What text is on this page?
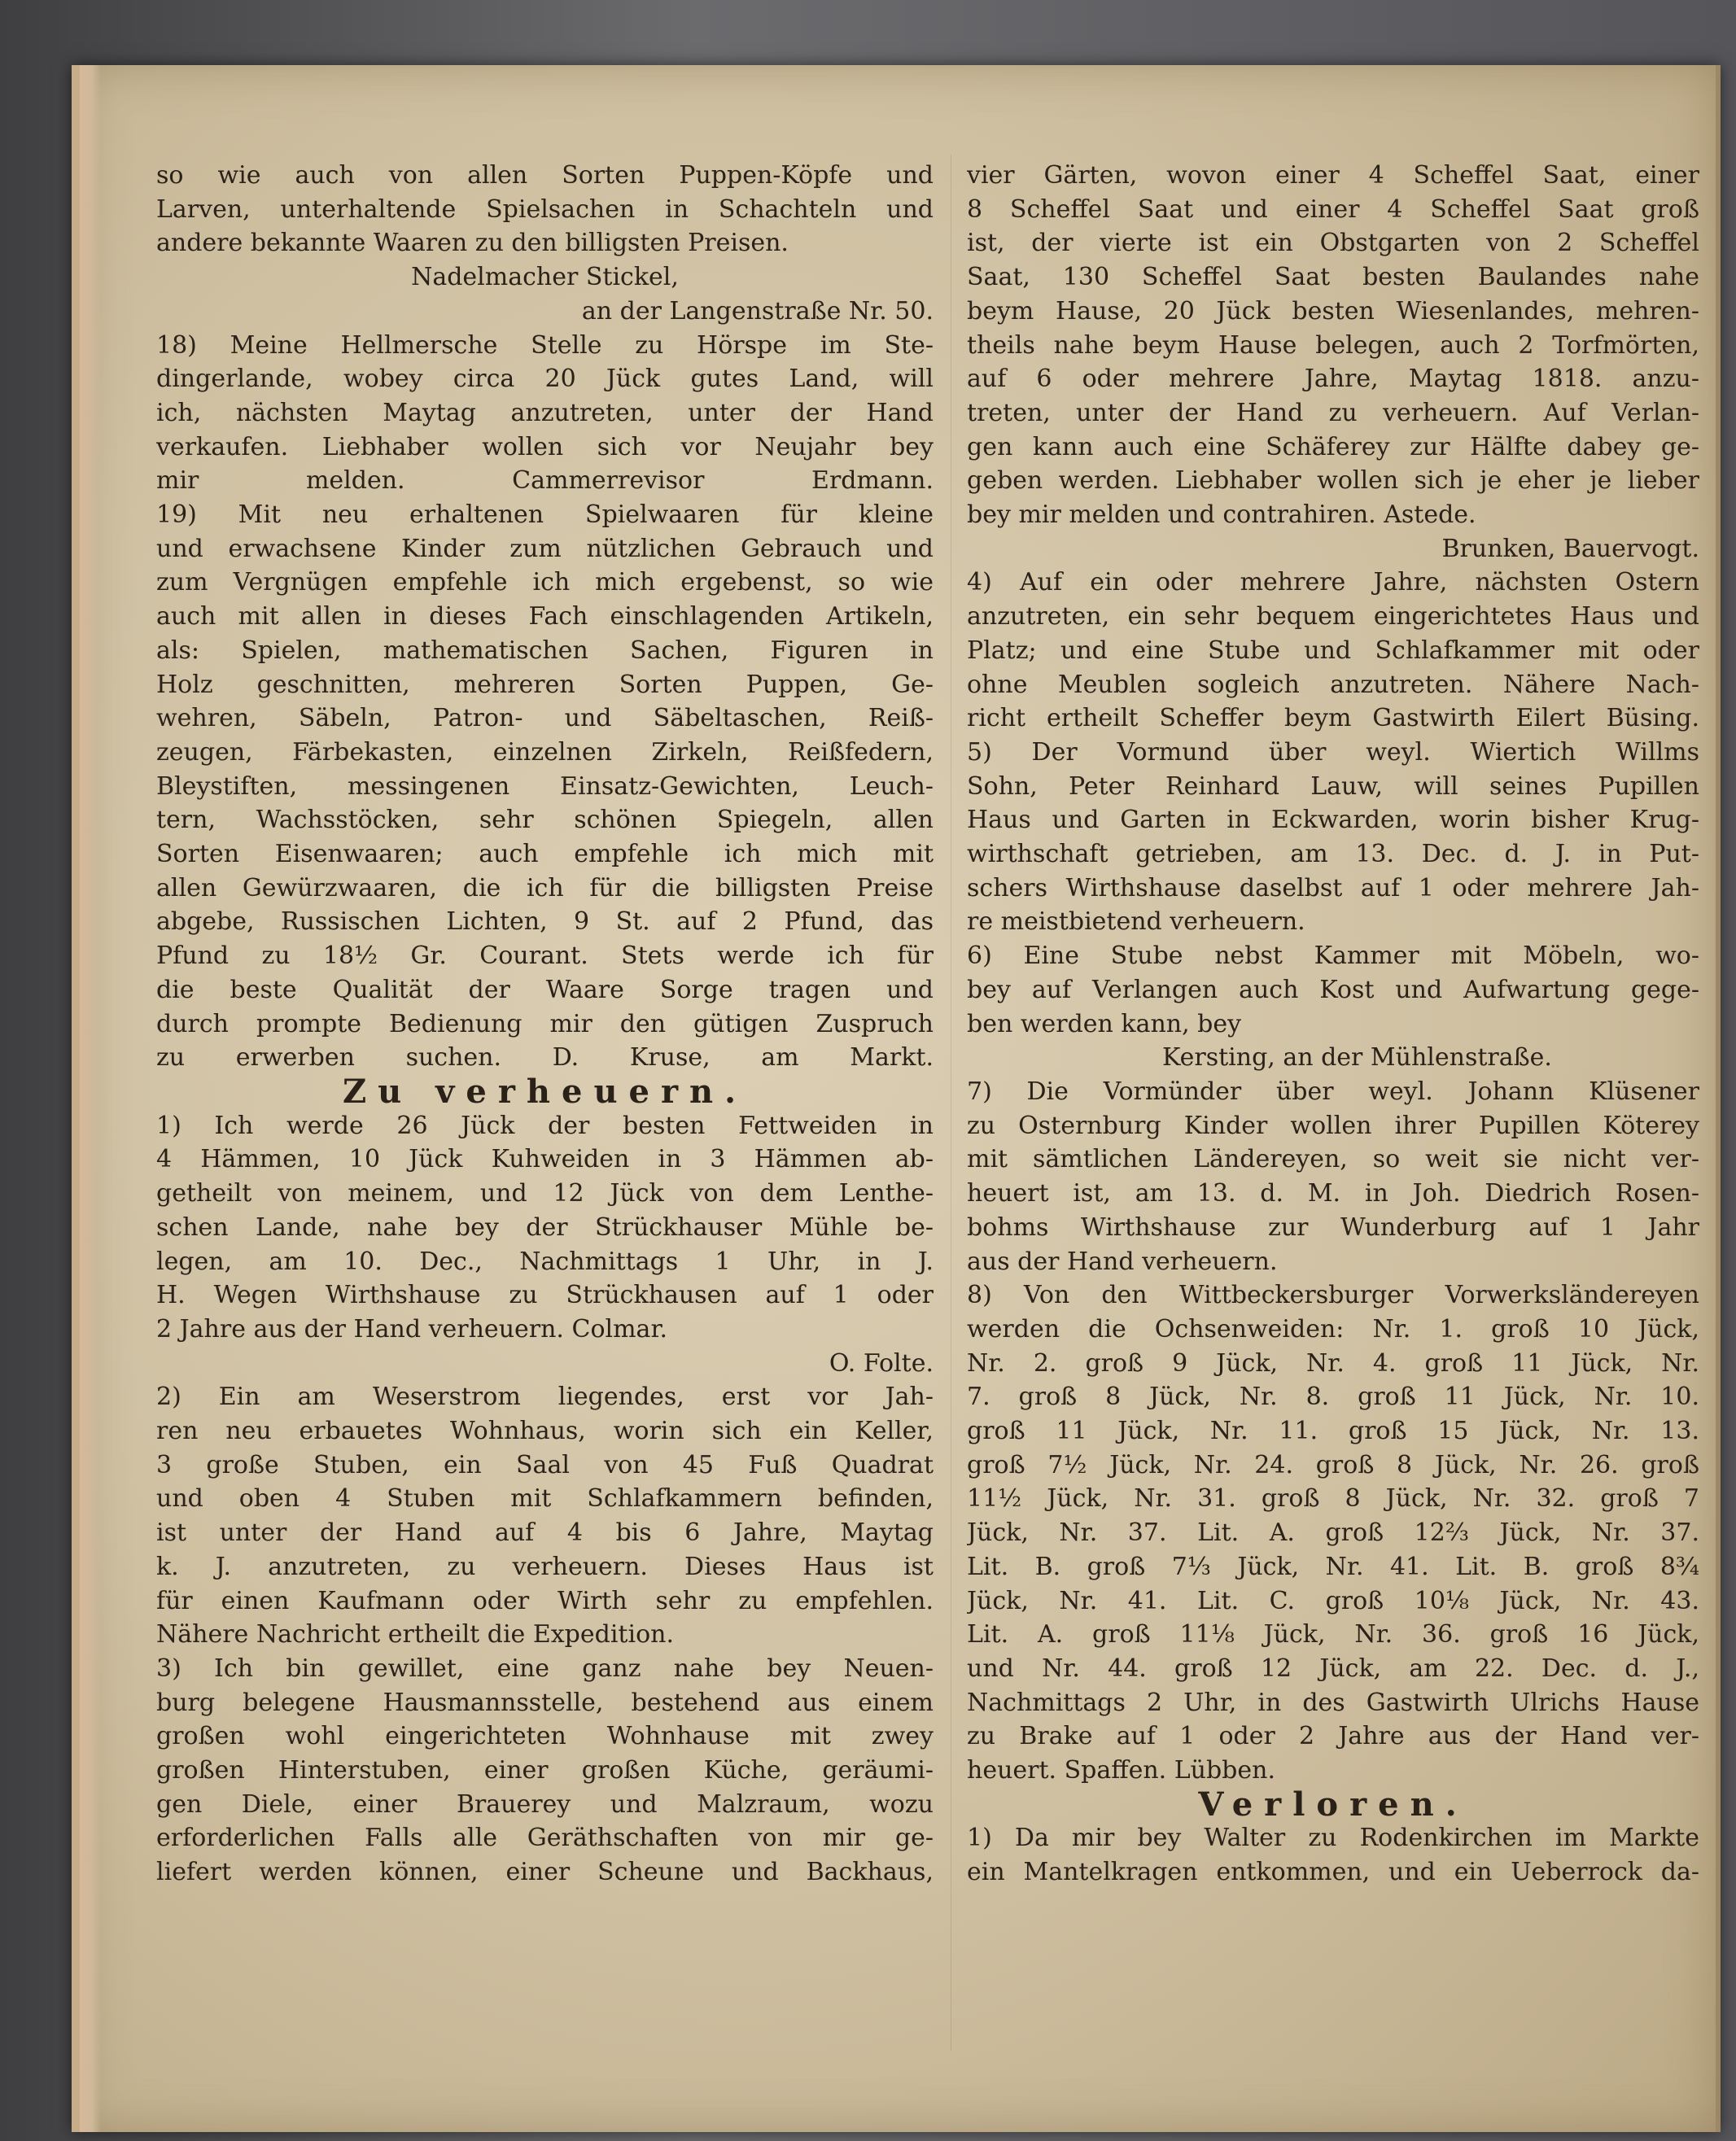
so wie auch von allen Sorten Puppen-Köpfe und
Larven, unterhaltende Spielsachen in Schachteln und
andere bekannte Waaren zu den billigsten Preisen.
Nadelmacher Stickel,
an der Langenstraße Nr. 50.
18) Meine Hellmersche Stelle zu Hörspe im Ste-
dingerlande, wobey circa 20 Jück gutes Land, will
ich, nächsten Maytag anzutreten, unter der Hand
verkaufen. Liebhaber wollen sich vor Neujahr bey
mir melden. Cammerrevisor Erdmann.
19) Mit neu erhaltenen Spielwaaren für kleine
und erwachsene Kinder zum nützlichen Gebrauch und
zum Vergnügen empfehle ich mich ergebenst, so wie
auch mit allen in dieses Fach einschlagenden Artikeln,
als: Spielen, mathematischen Sachen, Figuren in
Holz geschnitten, mehreren Sorten Puppen, Ge-
wehren, Säbeln, Patron- und Säbeltaschen, Reiß-
zeugen, Färbekasten, einzelnen Zirkeln, Reißfedern,
Bleystiften, messingenen Einsatz-Gewichten, Leuch-
tern, Wachsstöcken, sehr schönen Spiegeln, allen
Sorten Eisenwaaren; auch empfehle ich mich mit
allen Gewürzwaaren, die ich für die billigsten Preise
abgebe, Russischen Lichten, 9 St. auf 2 Pfund, das
Pfund zu 18½ Gr. Courant. Stets werde ich für
die beste Qualität der Waare Sorge tragen und
durch prompte Bedienung mir den gütigen Zuspruch
zu erwerben suchen. D. Kruse, am Markt.
Zu verheuern.
1) Ich werde 26 Jück der besten Fettweiden in
4 Hämmen, 10 Jück Kuhweiden in 3 Hämmen ab-
getheilt von meinem, und 12 Jück von dem Lenthe-
schen Lande, nahe bey der Strückhauser Mühle be-
legen, am 10. Dec., Nachmittags 1 Uhr, in J.
H. Wegen Wirthshause zu Strückhausen auf 1 oder
2 Jahre aus der Hand verheuern. Colmar.
O. Folte.
2) Ein am Weserstrom liegendes, erst vor Jah-
ren neu erbauetes Wohnhaus, worin sich ein Keller,
3 große Stuben, ein Saal von 45 Fuß Quadrat
und oben 4 Stuben mit Schlafkammern befinden,
ist unter der Hand auf 4 bis 6 Jahre, Maytag
k. J. anzutreten, zu verheuern. Dieses Haus ist
für einen Kaufmann oder Wirth sehr zu empfehlen.
Nähere Nachricht ertheilt die Expedition.
3) Ich bin gewillet, eine ganz nahe bey Neuen-
burg belegene Hausmannsstelle, bestehend aus einem
großen wohl eingerichteten Wohnhause mit zwey
großen Hinterstuben, einer großen Küche, geräumi-
gen Diele, einer Brauerey und Malzraum, wozu
erforderlichen Falls alle Geräthschaften von mir ge-
liefert werden können, einer Scheune und Backhaus,
vier Gärten, wovon einer 4 Scheffel Saat, einer
8 Scheffel Saat und einer 4 Scheffel Saat groß
ist, der vierte ist ein Obstgarten von 2 Scheffel
Saat, 130 Scheffel Saat besten Baulandes nahe
beym Hause, 20 Jück besten Wiesenlandes, mehren-
theils nahe beym Hause belegen, auch 2 Torfmörten,
auf 6 oder mehrere Jahre, Maytag 1818. anzu-
treten, unter der Hand zu verheuern. Auf Verlan-
gen kann auch eine Schäferey zur Hälfte dabey ge-
geben werden. Liebhaber wollen sich je eher je lieber
bey mir melden und contrahiren. Astede.
Brunken, Bauervogt.
4) Auf ein oder mehrere Jahre, nächsten Ostern
anzutreten, ein sehr bequem eingerichtetes Haus und
Platz; und eine Stube und Schlafkammer mit oder
ohne Meublen sogleich anzutreten. Nähere Nach-
richt ertheilt Scheffer beym Gastwirth Eilert Büsing.
5) Der Vormund über weyl. Wiertich Willms
Sohn, Peter Reinhard Lauw, will seines Pupillen
Haus und Garten in Eckwarden, worin bisher Krug-
wirthschaft getrieben, am 13. Dec. d. J. in Put-
schers Wirthshause daselbst auf 1 oder mehrere Jah-
re meistbietend verheuern.
6) Eine Stube nebst Kammer mit Möbeln, wo-
bey auf Verlangen auch Kost und Aufwartung gege-
ben werden kann, bey
Kersting, an der Mühlenstraße.
7) Die Vormünder über weyl. Johann Klüsener
zu Osternburg Kinder wollen ihrer Pupillen Köterey
mit sämtlichen Ländereyen, so weit sie nicht ver-
heuert ist, am 13. d. M. in Joh. Diedrich Rosen-
bohms Wirthshause zur Wunderburg auf 1 Jahr
aus der Hand verheuern.
8) Von den Wittbeckersburger Vorwerksländereyen
werden die Ochsenweiden: Nr. 1. groß 10 Jück,
Nr. 2. groß 9 Jück, Nr. 4. groß 11 Jück, Nr.
7. groß 8 Jück, Nr. 8. groß 11 Jück, Nr. 10.
groß 11 Jück, Nr. 11. groß 15 Jück, Nr. 13.
groß 7½ Jück, Nr. 24. groß 8 Jück, Nr. 26. groß
11½ Jück, Nr. 31. groß 8 Jück, Nr. 32. groß 7
Jück, Nr. 37. Lit. A. groß 12⅔ Jück, Nr. 37.
Lit. B. groß 7⅓ Jück, Nr. 41. Lit. B. groß 8¾
Jück, Nr. 41. Lit. C. groß 10⅛ Jück, Nr. 43.
Lit. A. groß 11⅛ Jück, Nr. 36. groß 16 Jück,
und Nr. 44. groß 12 Jück, am 22. Dec. d. J.,
Nachmittags 2 Uhr, in des Gastwirth Ulrichs Hause
zu Brake auf 1 oder 2 Jahre aus der Hand ver-
heuert. Spaffen. Lübben.
Verloren.
1) Da mir bey Walter zu Rodenkirchen im Markte
ein Mantelkragen entkommen, und ein Ueberrock da-
